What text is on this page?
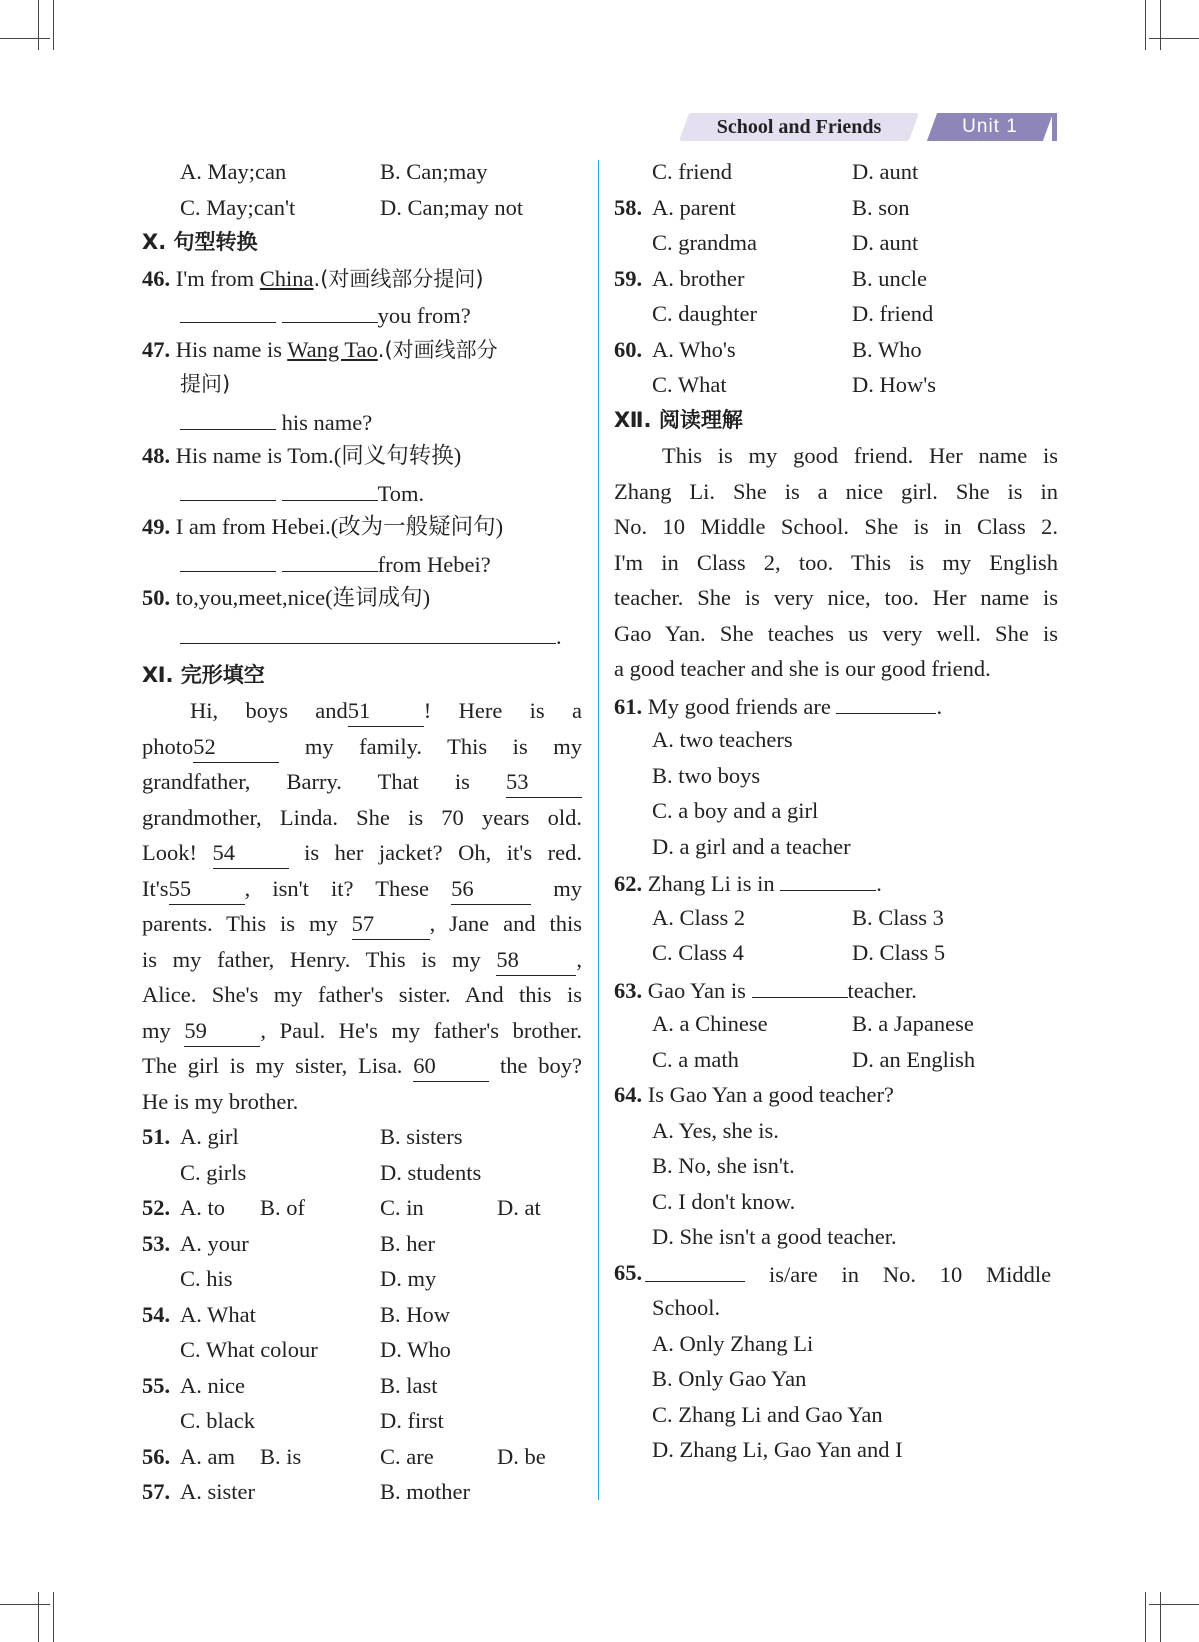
School and Friends	Unit 1
A. May;can	B. Can;may
C. May;can't	D. Can;may not
Ⅹ. 句型转换
46. I'm from China.(对画线部分提问)
you from?
47. His name is Wang Tao.(对画线部分
提问)
his name?
48. His name is Tom.(同义句转换)
Tom.
49. I am from Hebei.(改为一般疑问句)
from Hebei?
50. to,you,meet,nice(连词成句)
.
Ⅺ. 完形填空
Hi, boys and51 ! Here is a
photo52	my family. This is my
grandfather, Barry. That is 53
grandmother, Linda. She is 70 years old.
Look! 54	is her jacket? Oh, it's red.
It's55 , isn't it? These 56	my
parents. This is my 57 , Jane and this
is my father, Henry. This is my 58	,
Alice. She's my father's sister. And this is
my 59 , Paul. He's my father's brother.
The girl is my sister, Lisa. 60	the boy?
He is my brother.
51. A. girl	B. sisters
C. girls	D. students
52. A. to B. of	C. in	D. at
53. A. your	B. her
C. his	D. my
54. A. What	B. How
C. What colour	D. Who
55. A. nice	B. last
C. black	D. first
56. A. am B. is	C. are	D. be
57. A. sister	B. mother
C. friend	D. aunt
58. A. parent	B. son
C. grandma	D. aunt
59. A. brother	B. uncle
C. daughter	D. friend
60. A. Who's	B. Who
C. What	D. How's
Ⅻ. 阅读理解
This is my good friend. Her name is
Zhang Li. She is a nice girl. She is in
No. 10 Middle School. She is in Class 2.
I'm in Class 2, too. This is my English
teacher. She is very nice, too. Her name is
Gao Yan. She teaches us very well. She is
a good teacher and she is our good friend.
61. My good friends are	.
A. two teachers
B. two boys
C. a boy and a girl
D. a girl and a teacher
62. Zhang Li is in	.
A. Class 2	B. Class 3
C. Class 4	D. Class 5
63. Gao Yan is	teacher.
A. a Chinese	B. a Japanese
C. a math	D. an English
64. Is Gao Yan a good teacher?
A. Yes, she is.
B. No, she isn't.
C. I don't know.
D. She isn't a good teacher.
65.	is/are in No. 10 Middle
School.
A. Only Zhang Li
B. Only Gao Yan
C. Zhang Li and Gao Yan
D. Zhang Li, Gao Yan and I
